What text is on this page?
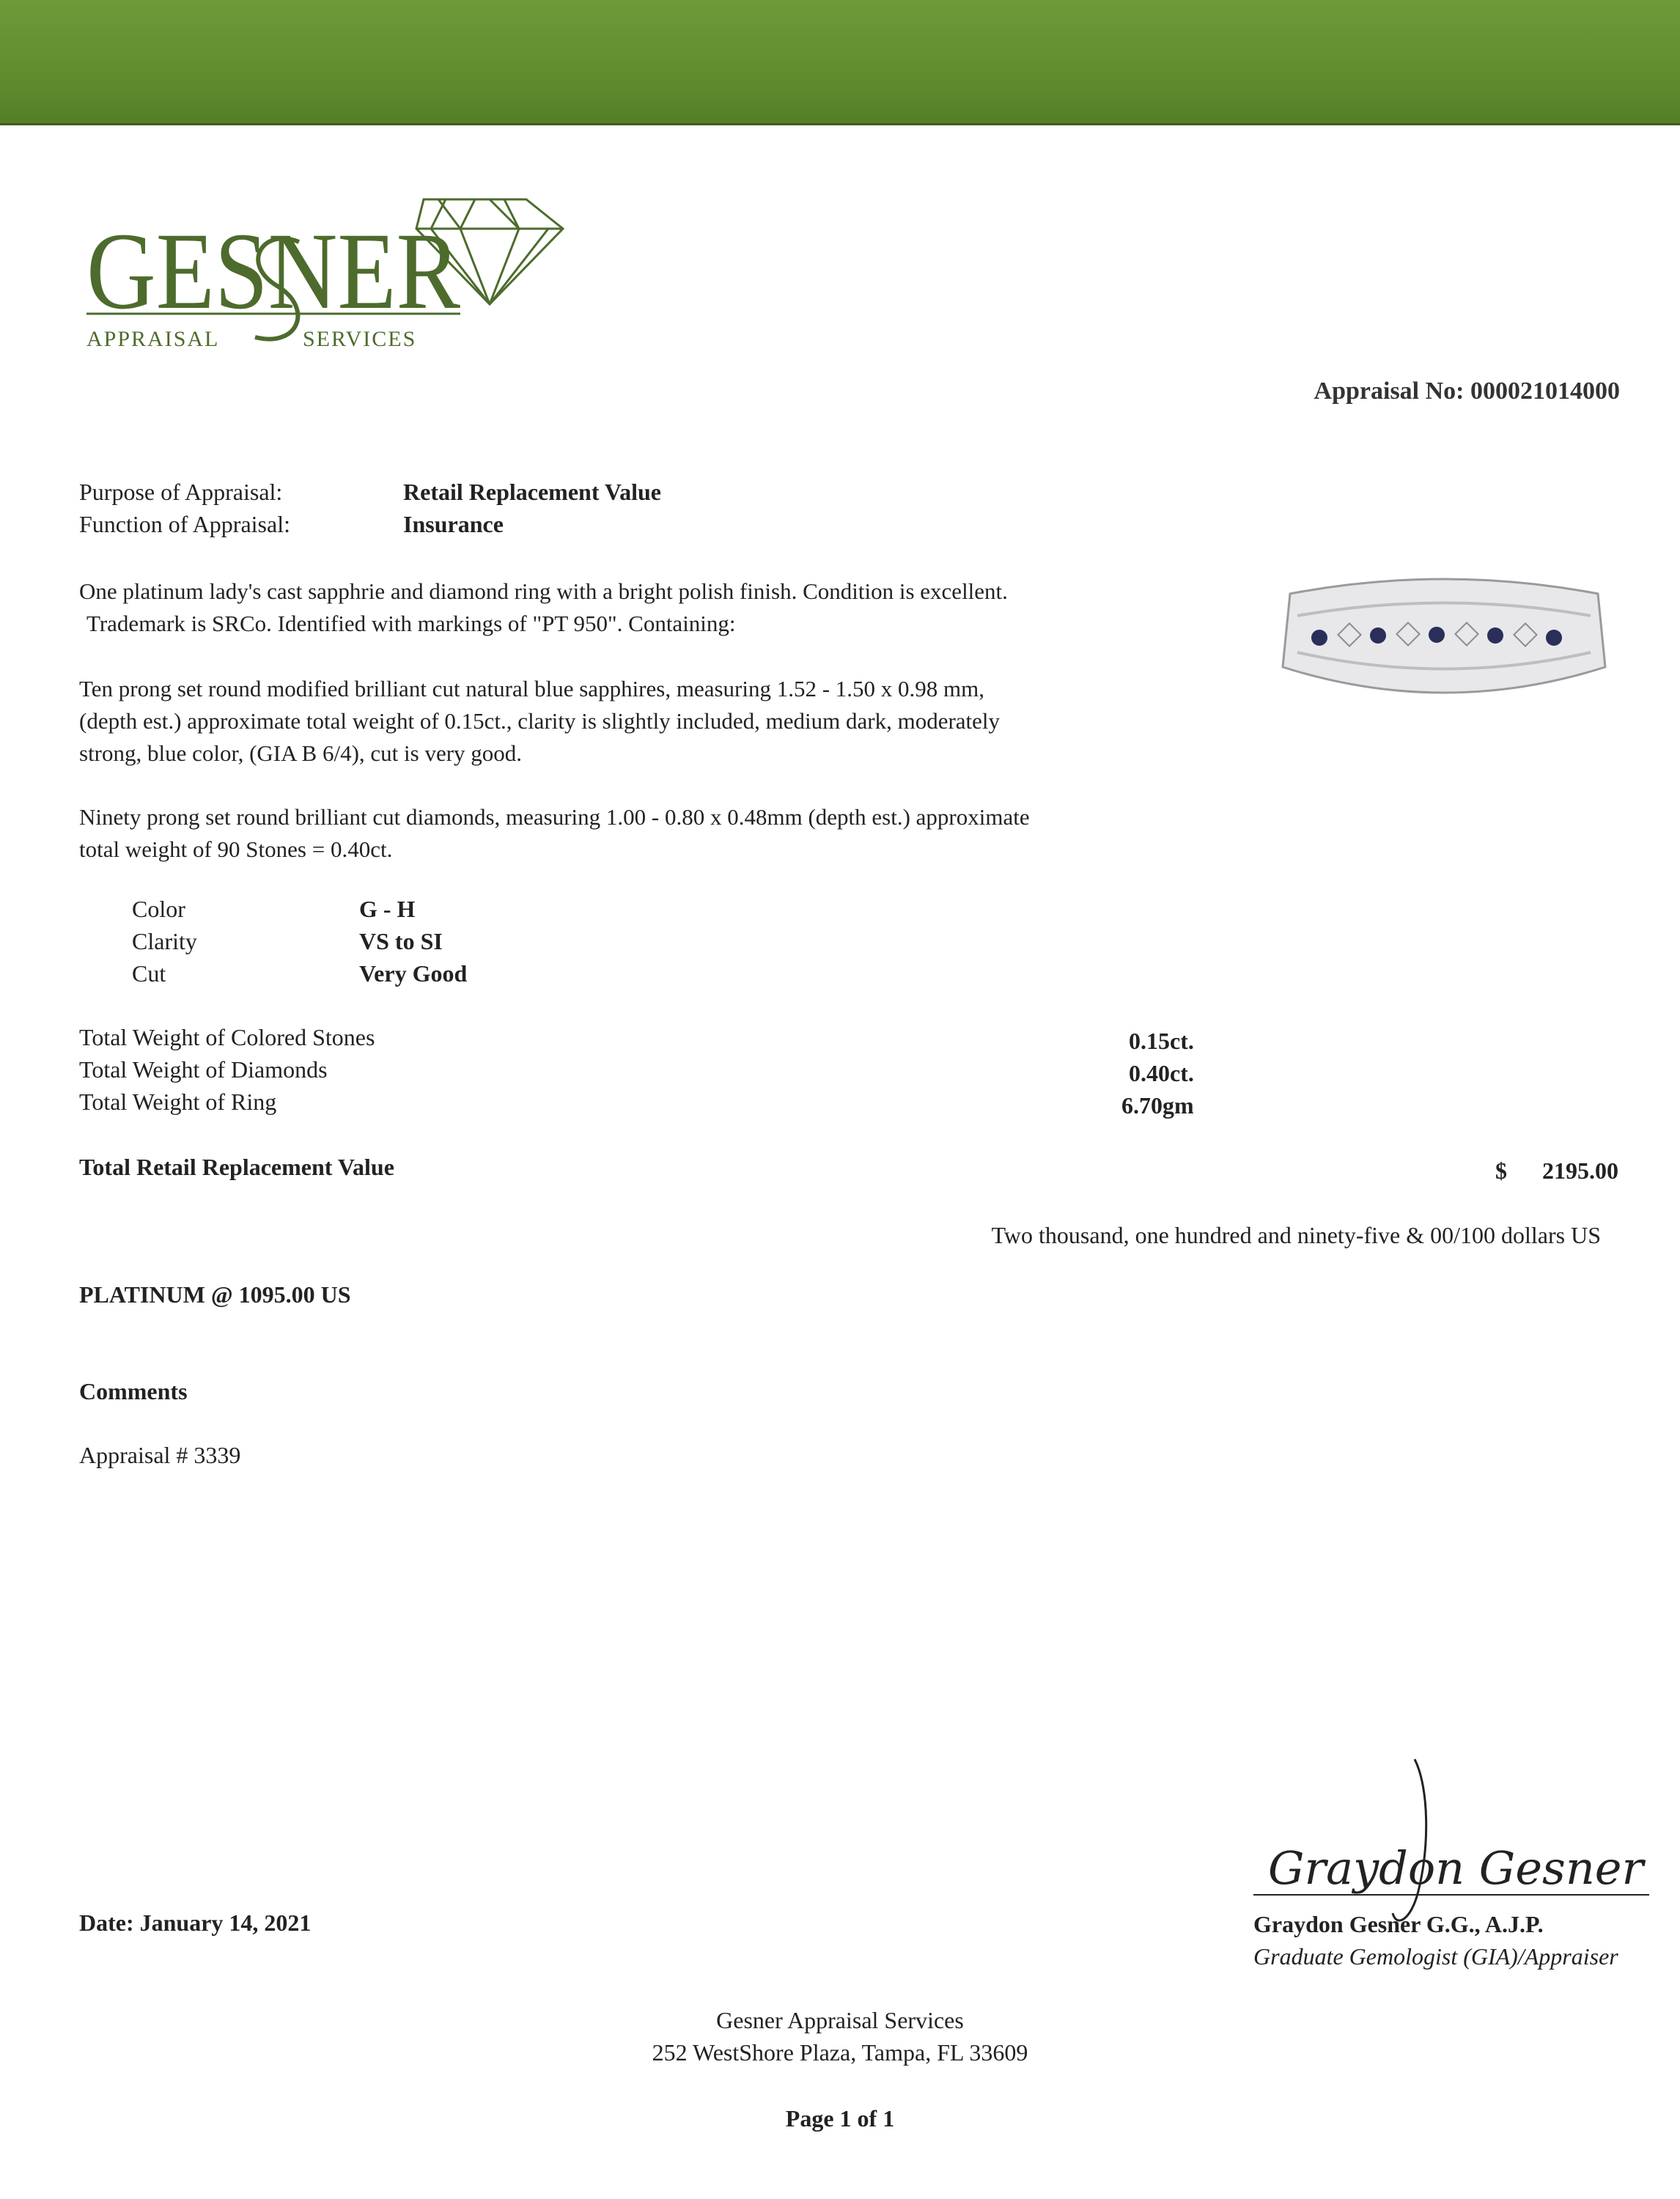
GESNER
APPRAISAL	SERVICES
Appraisal No: 000021014000
Purpose of Appraisal:	Retail Replacement Value
Function of Appraisal:	Insurance
One platinum lady's cast sapphrie and diamond ring with a bright polish finish. Condition is excellent.
Trademark is SRCo. Identified with markings of "PT 950". Containing:
Ten prong set round modified brilliant cut natural blue sapphires, measuring 1.52 - 1.50 x 0.98 mm,
(depth est.) approximate total weight of 0.15ct., clarity is slightly included, medium dark, moderately
strong, blue color, (GIA B 6/4), cut is very good.
Ninety prong set round brilliant cut diamonds, measuring 1.00 - 0.80 x 0.48mm (depth est.) approximate
total weight of 90 Stones = 0.40ct.
Color	G - H
Clarity	VS to SI
Cut	Very Good
Total Weight of Colored Stones	0.15ct.
Total Weight of Diamonds	0.40ct.
Total Weight of Ring	6.70gm
Total Retail Replacement Value	$ 2195.00
Two thousand, one hundred and ninety-five & 00/100 dollars US
PLATINUM @ 1095.00 US
Comments
Appraisal # 3339
Date: January 14, 2021
Graydon Gesner
Graydon Gesner G.G., A.J.P.
Graduate Gemologist (GIA)/Appraiser
Gesner Appraisal Services
252 WestShore Plaza, Tampa, FL 33609
Page 1 of 1
